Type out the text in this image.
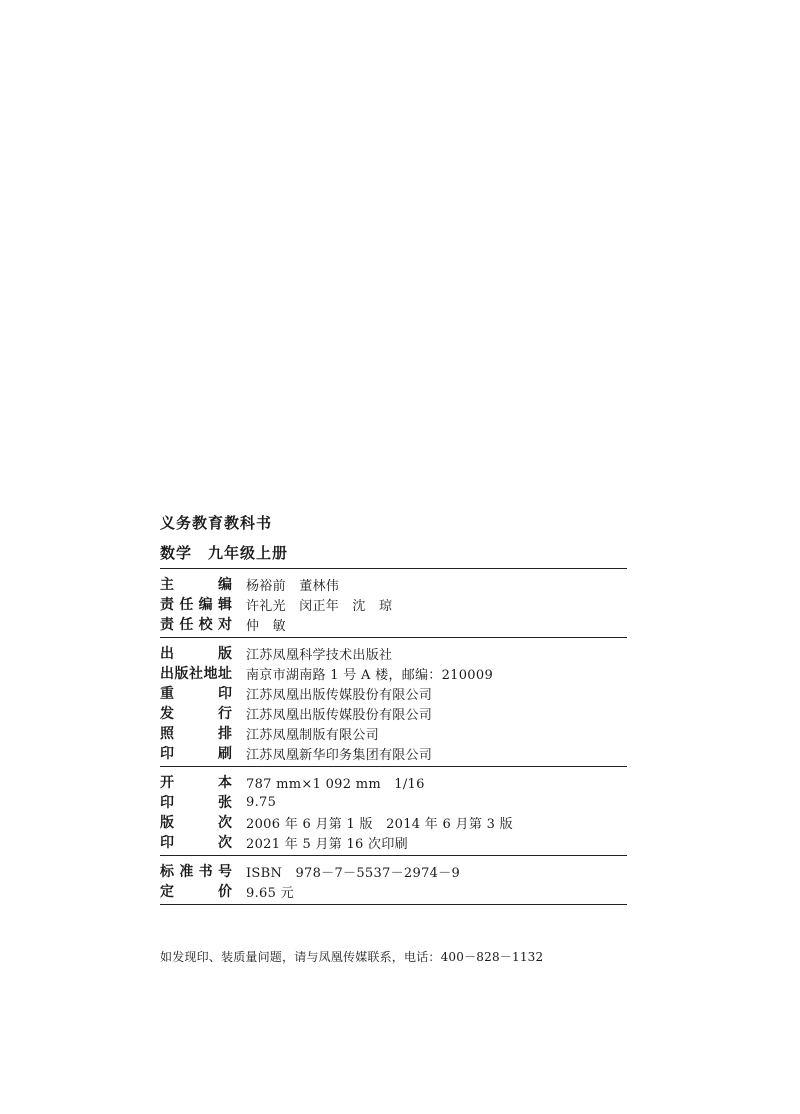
义务教育教科书
数学　九年级上册
主编 杨裕前　董林伟
责任编辑 许礼光　闵正年　沈　琼
责任校对 仲　敏
出版 江苏凤凰科学技术出版社
出版社地址 南京市湖南路 1 号 A 楼，邮编：210009
重印 江苏凤凰出版传媒股份有限公司
发行 江苏凤凰出版传媒股份有限公司
照排 江苏凤凰制版有限公司
印刷 江苏凤凰新华印务集团有限公司
开本 787 mm×1 092 mm　1/16
印张 9.75
版次 2006 年 6 月第 1 版　2014 年 6 月第 3 版
印次 2021 年 5 月第 16 次印刷
标准书号 ISBN　978－7－5537－2974－9
定价 9.65 元
如发现印、装质量问题，请与凤凰传媒联系，电话：400－828－1132
